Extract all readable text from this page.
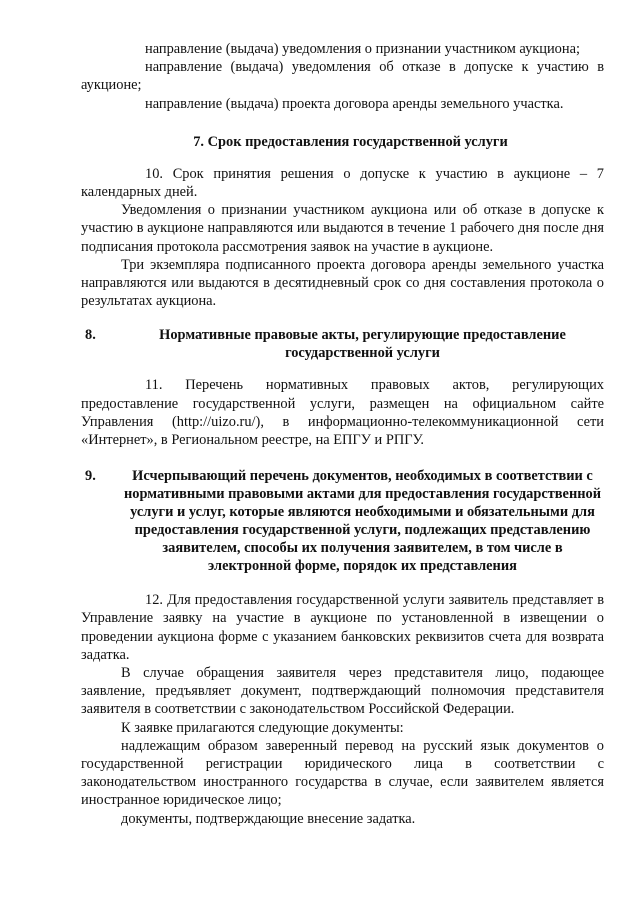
направление (выдача) уведомления о признании участником аукциона;

направление (выдача) уведомления об отказе в допуске к участию в аукционе;

направление (выдача) проекта договора аренды земельного участка.

7. Срок предоставления государственной услуги

10. Срок принятия решения о допуске к участию в аукционе – 7 календарных дней.

Уведомления о признании участником аукциона или об отказе в допуске к участию в аукционе направляются или выдаются в течение 1 рабочего дня после дня подписания протокола рассмотрения заявок на участие в аукционе.

Три экземпляра подписанного проекта договора аренды земельного участка направляются или выдаются в десятидневный срок со дня составления протокола о результатах аукциона.

8.	Нормативные правовые акты, регулирующие предоставление государственной услуги

11. Перечень нормативных правовых актов, регулирующих предоставление государственной услуги, размещен на официальном сайте Управления (http://uizo.ru/), в информационно-телекоммуникационной сети «Интернет», в Региональном реестре, на ЕПГУ и РПГУ.

9.	Исчерпывающий перечень документов, необходимых в соответствии с нормативными правовыми актами для предоставления государственной услуги и услуг, которые являются необходимыми и обязательными для предоставления государственной услуги, подлежащих представлению заявителем, способы их получения заявителем, в том числе в электронной форме, порядок их представления

12. Для предоставления государственной услуги заявитель представляет в Управление заявку на участие в аукционе по установленной в извещении о проведении аукциона форме с указанием банковских реквизитов счета для возврата задатка.

В случае обращения заявителя через представителя лицо, подающее заявление, предъявляет документ, подтверждающий полномочия представителя заявителя в соответствии с законодательством Российской Федерации.

К заявке прилагаются следующие документы:

надлежащим образом заверенный перевод на русский язык документов о государственной регистрации юридического лица в соответствии с законодательством иностранного государства в случае, если заявителем является иностранное юридическое лицо;

документы, подтверждающие внесение задатка.
